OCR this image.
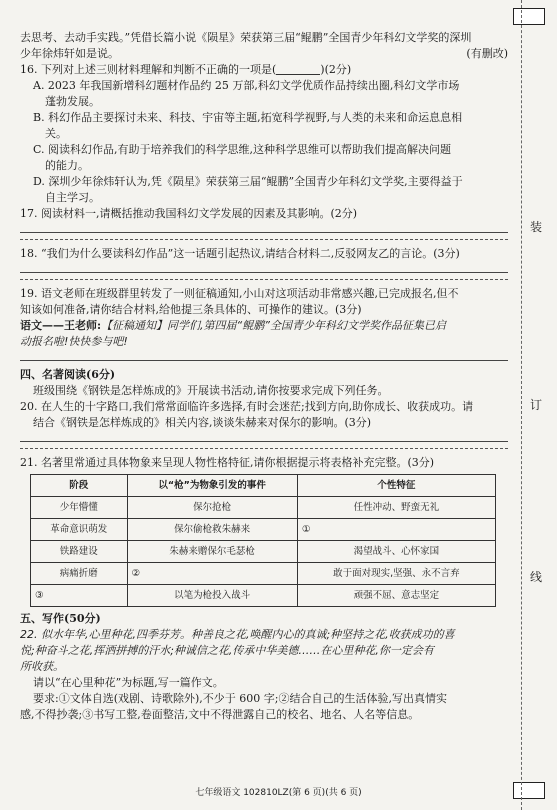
装
订
线
去思考、去动手实践。”凭借长篇小说《陨星》荣获第三届“鲲鹏”全国青少年科幻文学奖的深圳
少年徐炜轩如是说。	(有删改)
16. 下列对上述三则材料理解和判断不正确的一项是(	)(2分)
A. 2023 年我国新增科幻题材作品约 25 万部,科幻文学优质作品持续出圈,科幻文学市场
蓬勃发展。
B. 科幻作品主要探讨未来、科技、宇宙等主题,拓宽科学视野,与人类的未来和命运息息相
关。
C. 阅读科幻作品,有助于培养我们的科学思维,这种科学思维可以帮助我们提高解决问题
的能力。
D. 深圳少年徐炜轩认为,凭《陨星》荣获第三届“鲲鹏”全国青少年科幻文学奖,主要得益于
自主学习。
17. 阅读材料一,请概括推动我国科幻文学发展的因素及其影响。(2分)
18. “我们为什么要读科幻作品”这一话题引起热议,请结合材料二,反驳网友乙的言论。(3分)
19. 语文老师在班级群里转发了一则征稿通知,小山对这项活动非常感兴趣,已完成报名,但不
知该如何准备,请你结合材料,给他提三条具体的、可操作的建议。(3分)
语文——王老师:【征稿通知】同学们,第四届“鲲鹏”全国青少年科幻文学奖作品征集已启
动报名啦!快快参与吧!
四、名著阅读(6分)
班级围绕《钢铁是怎样炼成的》开展读书活动,请你按要求完成下列任务。
20. 在人生的十字路口,我们常常面临许多选择,有时会迷茫;找到方向,助你成长、收获成功。请
结合《钢铁是怎样炼成的》相关内容,谈谈朱赫来对保尔的影响。(3分)
21. 名著里常通过具体物象来呈现人物性格特征,请你根据提示将表格补充完整。(3分)
阶段	以“枪”为物象引发的事件	个性特征
少年懵懂	保尔抢枪	任性冲动、野蛮无礼
革命意识萌发	保尔偷枪救朱赫来	①
铁路建设	朱赫来赠保尔毛瑟枪	渴望战斗、心怀家国
病痛折磨	②	敢于面对现实,坚强、永不言弃
③	以笔为枪投入战斗	顽强不屈、意志坚定
五、写作(50分)
22. 似水年华,心里种花,四季芬芳。种善良之花,唤醒内心的真诚;种坚持之花,收获成功的喜
悦;种奋斗之花,挥洒拼搏的汗水;种诚信之花,传承中华美德……在心里种花,你一定会有
所收获。
请以“在心里种花”为标题,写一篇作文。
要求:①文体自选(戏剧、诗歌除外),不少于 600 字;②结合自己的生活体验,写出真情实
感,不得抄袭;③书写工整,卷面整洁,文中不得泄露自己的校名、地名、人名等信息。
七年级语文 102810LZ(第 6 页)(共 6 页)
